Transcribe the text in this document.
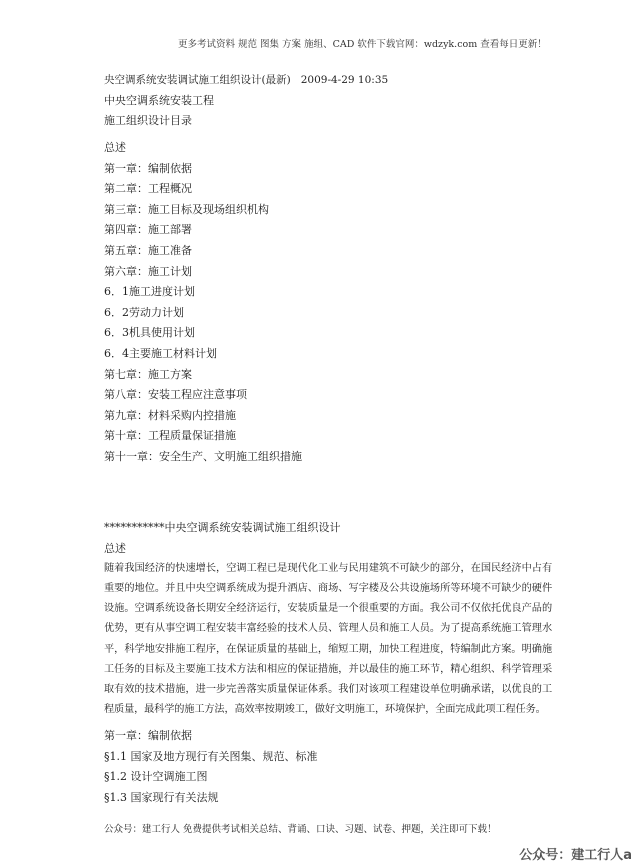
更多考试资料 规范 图集 方案 施组、CAD 软件下载官网：wdzyk.com 查看每日更新！
央空调系统安装调试施工组织设计(最新) 2009-4-29 10:35
中央空调系统安装工程
施工组织设计目录
总述
第一章：编制依据
第二章：工程概况
第三章：施工目标及现场组织机构
第四章：施工部署
第五章：施工准备
第六章：施工计划
6．1施工进度计划
6．2劳动力计划
6．3机具使用计划
6．4主要施工材料计划
第七章：施工方案
第八章：安装工程应注意事项
第九章：材料采购内控措施
第十章：工程质量保证措施
第十一章：安全生产、文明施工组织措施
***********中央空调系统安装调试施工组织设计
总述
随着我国经济的快速增长，空调工程已是现代化工业与民用建筑不可缺少的部分，在国民经济中占有重要的地位。并且中央空调系统成为提升酒店、商场、写字楼及公共设施场所等环境不可缺少的硬件设施。空调系统设备长期安全经济运行，安装质量是一个很重要的方面。我公司不仅依托优良产品的优势，更有从事空调工程安装丰富经验的技术人员、管理人员和施工人员。为了提高系统施工管理水平，科学地安排施工程序，在保证质量的基础上，缩短工期，加快工程进度，特编制此方案。明确施工任务的目标及主要施工技术方法和相应的保证措施，并以最佳的施工环节，精心组织、科学管理采取有效的技术措施，进一步完善落实质量保证体系。我们对该项工程建设单位明确承诺，以优良的工程质量，最科学的施工方法，高效率按期竣工，做好文明施工，环境保护，全面完成此项工程任务。
第一章：编制依据
§1.1 国家及地方现行有关图集、规范、标准
§1.2 设计空调施工图
§1.3 国家现行有关法规
公众号：建工行人 免费提供考试相关总结、背诵、口诀、习题、试卷、押题，关注即可下载！
公众号：建工行人a
